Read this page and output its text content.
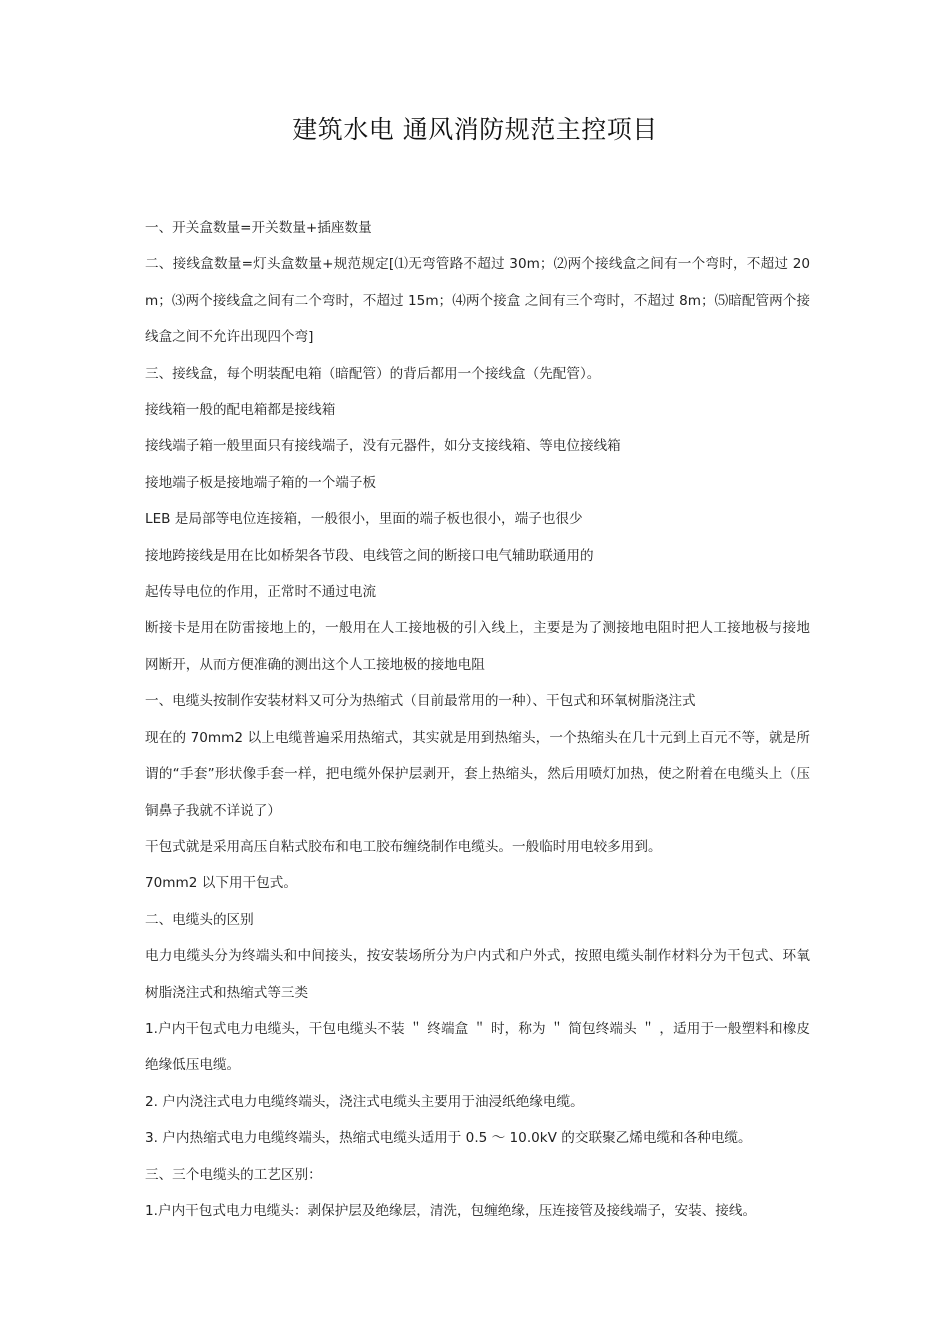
建筑水电 通风消防规范主控项目

一、开关盒数量=开关数量+插座数量

二、接线盒数量=灯头盒数量+规范规定[⑴无弯管路不超过 30m；⑵两个接线盒之间有一个弯时，不超过 20m；⑶两个接线盒之间有二个弯时，不超过 15m；⑷两个接盒 之间有三个弯时，不超过 8m；⑸暗配管两个接线盒之间不允许出现四个弯]

三、接线盒，每个明装配电箱（暗配管）的背后都用一个接线盒（先配管）。

接线箱一般的配电箱都是接线箱

接线端子箱一般里面只有接线端子，没有元器件，如分支接线箱、等电位接线箱

接地端子板是接地端子箱的一个端子板

LEB 是局部等电位连接箱，一般很小，里面的端子板也很小，端子也很少

接地跨接线是用在比如桥架各节段、电线管之间的断接口电气辅助联通用的

起传导电位的作用，正常时不通过电流

断接卡是用在防雷接地上的，一般用在人工接地极的引入线上，主要是为了测接地电阻时把人工接地极与接地网断开，从而方便准确的测出这个人工接地极的接地电阻

一、电缆头按制作安装材料又可分为热缩式（目前最常用的一种）、干包式和环氧树脂浇注式

现在的 70mm2 以上电缆普遍采用热缩式，其实就是用到热缩头，一个热缩头在几十元到上百元不等，就是所谓的“手套”形状像手套一样，把电缆外保护层剥开，套上热缩头，然后用喷灯加热，使之附着在电缆头上（压铜鼻子我就不详说了）

干包式就是采用高压自粘式胶布和电工胶布缠绕制作电缆头。一般临时用电较多用到。

70mm2 以下用干包式。

二、电缆头的区别

电力电缆头分为终端头和中间接头，按安装场所分为户内式和户外式，按照电缆头制作材料分为干包式、环氧树脂浇注式和热缩式等三类

1.户内干包式电力电缆头，干包电缆头不装 ＂ 终端盒 ＂ 时，称为 ＂ 简包终端头 ＂ ，适用于一般塑料和橡皮绝缘低压电缆。

2. 户内浇注式电力电缆终端头，浇注式电缆头主要用于油浸纸绝缘电缆。

3. 户内热缩式电力电缆终端头，热缩式电缆头适用于 0.5 ～ 10.0kV 的交联聚乙烯电缆和各种电缆。

三、三个电缆头的工艺区别：

1.户内干包式电力电缆头：剥保护层及绝缘层，清洗，包缠绝缘，压连接管及接线端子，安装、接线。
